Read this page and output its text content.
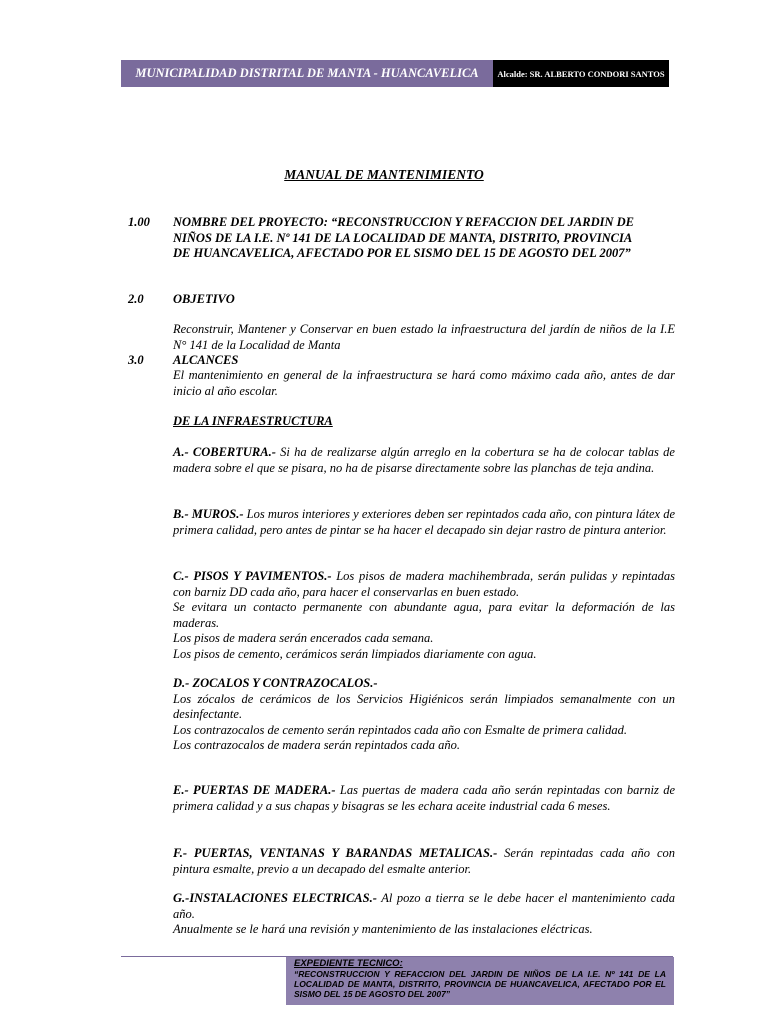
MUNICIPALIDAD DISTRITAL DE MANTA - HUANCAVELICA	Alcalde: SR. ALBERTO CONDORI SANTOS
MANUAL DE MANTENIMIENTO
1.00 NOMBRE DEL PROYECTO: “RECONSTRUCCION Y REFACCION DEL JARDIN DE NIÑOS DE LA I.E. Nº 141 DE LA LOCALIDAD DE MANTA, DISTRITO, PROVINCIA DE HUANCAVELICA, AFECTADO POR EL SISMO DEL 15 DE AGOSTO DEL 2007”
2.0 OBJETIVO
Reconstruir, Mantener y Conservar en buen estado la infraestructura del jardín de niños de la I.E N° 141 de la Localidad de Manta
3.0 ALCANCES
El mantenimiento en general de la infraestructura se hará como máximo cada año, antes de dar inicio al año escolar.
DE LA INFRAESTRUCTURA
A.- COBERTURA.- Si ha de realizarse algún arreglo en la cobertura se ha de colocar tablas de madera sobre el que se pisara, no ha de pisarse directamente sobre las planchas de teja andina.
B.- MUROS.- Los muros interiores y exteriores deben ser repintados cada año, con pintura látex de primera calidad, pero antes de pintar se ha hacer el decapado sin dejar rastro de pintura anterior.
C.- PISOS Y PAVIMENTOS.- Los pisos de madera machihembrada, serán pulidas y repintadas con barniz DD cada año, para hacer el conservarlas en buen estado.
Se evitara un contacto permanente con abundante agua, para evitar la deformación de las maderas.
Los pisos de madera serán encerados cada semana.
Los pisos de cemento, cerámicos serán limpiados diariamente con agua.
D.- ZOCALOS Y CONTRAZOCALOS.-
Los zócalos de cerámicos de los Servicios Higiénicos serán limpiados semanalmente con un desinfectante.
Los contrazocalos de cemento serán repintados cada año con Esmalte de primera calidad.
Los contrazocalos de madera serán repintados cada año.
E.- PUERTAS DE MADERA.- Las puertas de madera cada año serán repintadas con barniz de primera calidad y a sus chapas y bisagras se les echara aceite industrial cada 6 meses.
F.- PUERTAS, VENTANAS Y BARANDAS METALICAS.- Serán repintadas cada año con pintura esmalte, previo a un decapado del esmalte anterior.
G.-INSTALACIONES ELECTRICAS.- Al pozo a tierra se le debe hacer el mantenimiento cada año.
Anualmente se le hará una revisión y mantenimiento de las instalaciones eléctricas.
EXPEDIENTE TECNICO:
“RECONSTRUCCION Y REFACCION DEL JARDIN DE NIÑOS DE LA I.E. Nº 141 DE LA LOCALIDAD DE MANTA, DISTRITO, PROVINCIA DE HUANCAVELICA, AFECTADO POR EL SISMO DEL 15 DE AGOSTO DEL 2007”
